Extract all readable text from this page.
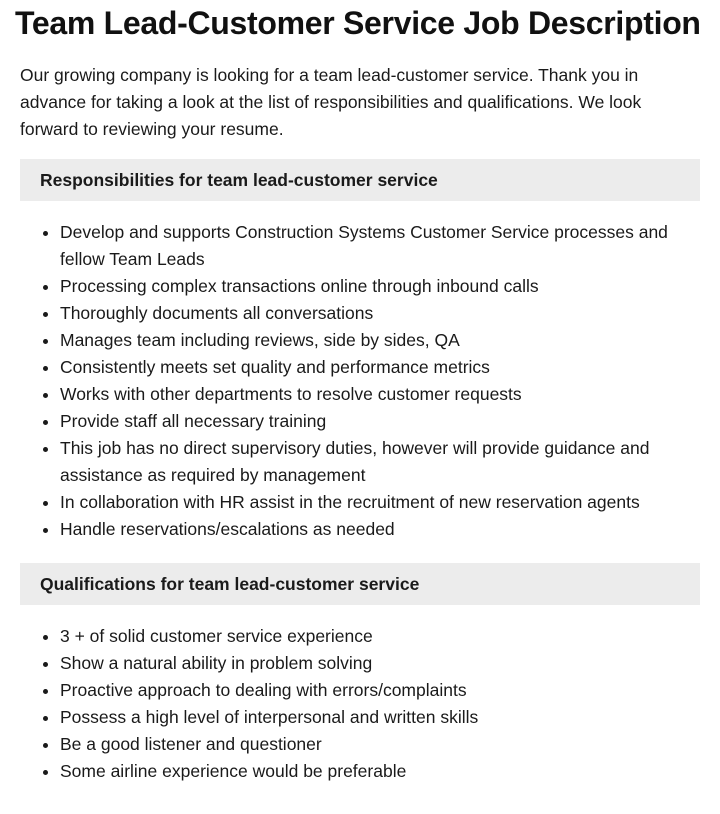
Team Lead-Customer Service Job Description

Our growing company is looking for a team lead-customer service. Thank you in advance for taking a look at the list of responsibilities and qualifications. We look forward to reviewing your resume.

Responsibilities for team lead-customer service
• Develop and supports Construction Systems Customer Service processes and fellow Team Leads
• Processing complex transactions online through inbound calls
• Thoroughly documents all conversations
• Manages team including reviews, side by sides, QA
• Consistently meets set quality and performance metrics
• Works with other departments to resolve customer requests
• Provide staff all necessary training
• This job has no direct supervisory duties, however will provide guidance and assistance as required by management
• In collaboration with HR assist in the recruitment of new reservation agents
• Handle reservations/escalations as needed
Qualifications for team lead-customer service
• 3 + of solid customer service experience
• Show a natural ability in problem solving
• Proactive approach to dealing with errors/complaints
• Possess a high level of interpersonal and written skills
• Be a good listener and questioner
• Some airline experience would be preferable
